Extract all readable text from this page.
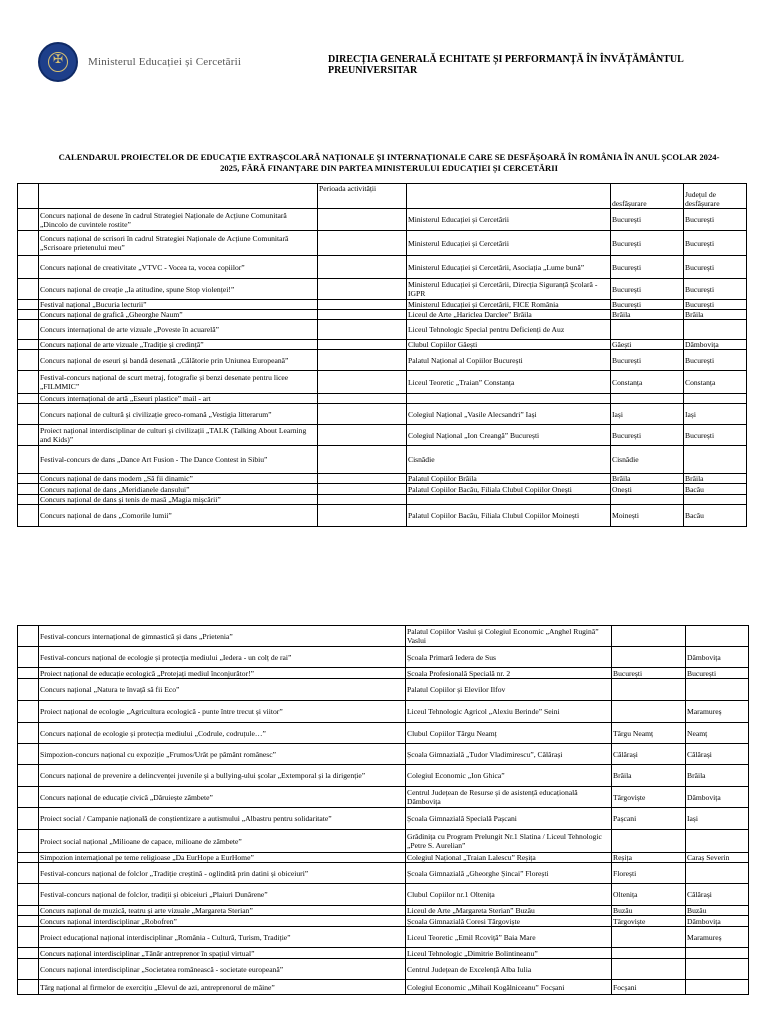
✠ Ministerul Educației și Cercetării	DIRECȚIA GENERALĂ ECHITATE ȘI PERFORMANȚĂ ÎN ÎNVĂȚĂMÂNTUL PREUNIVERSITAR
CALENDARUL PROIECTELOR DE EDUCAȚIE EXTRAȘCOLARĂ NAȚIONALE ȘI INTERNAȚIONALE CARE SE DESFĂȘOARĂ ÎN ROMÂNIA ÎN ANUL ȘCOLAR 2024-
2025, FĂRĂ FINANȚARE DIN PARTEA MINISTERULUI EDUCAȚIEI ȘI CERCETĂRII
		Perioada activității		desfășurare	Județul de desfășurare
	Concurs național de desene în cadrul Strategiei Naționale de Acțiune Comunitară „Dincolo de cuvintele rostite”		Ministerul Educației și Cercetării	București	București
	Concurs național de scrisori în cadrul Strategiei Naționale de Acțiune Comunitară „Scrisoare prietenului meu”		Ministerul Educației și Cercetării	București	București
	Concurs național de creativitate „VTVC - Vocea ta, vocea copiilor”		Ministerul Educației și Cercetării, Asociația „Lume bună”	București	București
	Concurs național de creație „Ia atitudine, spune Stop violenței!”		Ministerul Educației și Cercetării, Direcția Siguranță Școlară - IGPR	București	București
	Festival național „Bucuria lecturii”		Ministerul Educației și Cercetării, FICE România	București	București
	Concurs național de grafică „Gheorghe Naum”		Liceul de Arte „Hariclea Darclee” Brăila	Brăila	Brăila
	Concurs internațional de arte vizuale „Poveste în acuarelă”		Liceul Tehnologic Special pentru Deficienți de Auz		
	Concurs național de arte vizuale „Tradiție și credință”		Clubul Copiilor Găești	Găești	Dâmbovița
	Concurs național de eseuri și bandă desenată „Călătorie prin Uniunea Europeană”		Palatul Național al Copiilor București	București	București
	Festival-concurs național de scurt metraj, fotografie și benzi desenate pentru licee „FILMMIC”		Liceul Teoretic „Traian” Constanța	Constanța	Constanța
	Concurs internațional de artă „Eseuri plastice” mail - art				
	Concurs național de cultură și civilizație greco-romană „Vestigia litterarum”		Colegiul Național „Vasile Alecsandri” Iași	Iași	Iași
	Proiect național interdisciplinar de culturi și civilizații „TALK (Talking About Learning and Kids)”		Colegiul Național „Ion Creangă” București	București	București
	Festival-concurs de dans „Dance Art Fusion - The Dance Contest in Sibiu”		Cisnădie	Cisnădie	
	Concurs național de dans modern „Să fii dinamic”		Palatul Copiilor Brăila	Brăila	Brăila
	Concurs național de dans „Meridianele dansului”		Palatul Copiilor Bacău, Filiala Clubul Copiilor Onești	Onești	Bacău
	Concurs național de dans și tenis de masă „Magia mișcării”				
	Concurs național de dans „Comorile lumii”		Palatul Copiilor Bacău, Filiala Clubul Copiilor Moinești	Moinești	Bacău
	Festival-concurs internațional de gimnastică și dans „Prietenia”	Palatul Copiilor Vaslui și Colegiul Economic „Anghel Rugină” Vaslui		
	Festival-concurs național de ecologie și protecția mediului „Iedera - un colț de rai”	Școala Primară Iedera de Sus		Dâmbovița
	Proiect național de educație ecologică „Protejați mediul înconjurător!”	Școala Profesională Specială nr. 2	București	București
	Concurs național „Natura te învață să fii Eco”	Palatul Copiilor și Elevilor Ilfov		
	Proiect național de ecologie „Agricultura ecologică - punte între trecut și viitor”	Liceul Tehnologic Agricol „Alexiu Berinde” Seini		Maramureș
	Concurs național de ecologie și protecția mediului „Codrule, codruțule…”	Clubul Copiilor Târgu Neamț	Târgu Neamț	Neamț
	Simpozion-concurs național cu expoziție „Frumos/Urât pe pământ românesc”	Școala Gimnazială „Tudor Vladimirescu”, Călărași	Călărași	Călărași
	Concurs național de prevenire a delincvenței juvenile și a bullying-ului școlar „Extemporal și la dirigenție”	Colegiul Economic „Ion Ghica”	Brăila	Brăila
	Concurs național de educație civică „Dăruiește zâmbete”	Centrul Județean de Resurse și de asistență educațională Dâmbovița	Târgoviște	Dâmbovița
	Proiect social / Campanie națională de conștientizare a autismului „Albastru pentru solidaritate”	Școala Gimnazială Specială Pașcani	Pașcani	Iași
	Proiect social național „Milioane de capace, milioane de zâmbete”	Grădinița cu Program Prelungit Nr.1 Slatina / Liceul Tehnologic „Petre S. Aurelian”		
	Simpozion internațional pe teme religioase „Da EurHope a EurHome”	Colegiul Național „Traian Lalescu” Reșița	Reșița	Caraș Severin
	Festival-concurs național de folclor „Tradiție creștină - oglindită prin datini și obiceiuri”	Școala Gimnazială „Gheorghe Șincai” Florești	Florești	
	Festival-concurs național de folclor, tradiții și obiceiuri „Plaiuri Dunărene”	Clubul Copiilor nr.1 Oltenița	Oltenița	Călărași
	Concurs național de muzică, teatru și arte vizuale „Margareta Sterian”	Liceul de Arte „Margareta Sterian” Buzău	Buzău	Buzău
	Concurs național interdisciplinar „Robofren”	Școala Gimnazială Coresi Târgoviște	Târgoviște	Dâmbovița
	Proiect educațional național interdisciplinar „România - Cultură, Turism, Tradiție”	Liceul Teoretic „Emil Rcoviță” Baia Mare		Maramureș
	Concurs național interdisciplinar „Tânăr antreprenor în spațiul virtual”	Liceul Tehnologic „Dimitrie Bolintineanu”		
	Concurs național interdisciplinar „Societatea românească - societate europeană”	Centrul Județean de Excelență Alba Iulia		
	Târg național al firmelor de exercițiu „Elevul de azi, antreprenorul de mâine”	Colegiul Economic „Mihail Kogălniceanu” Focșani	Focșani	
